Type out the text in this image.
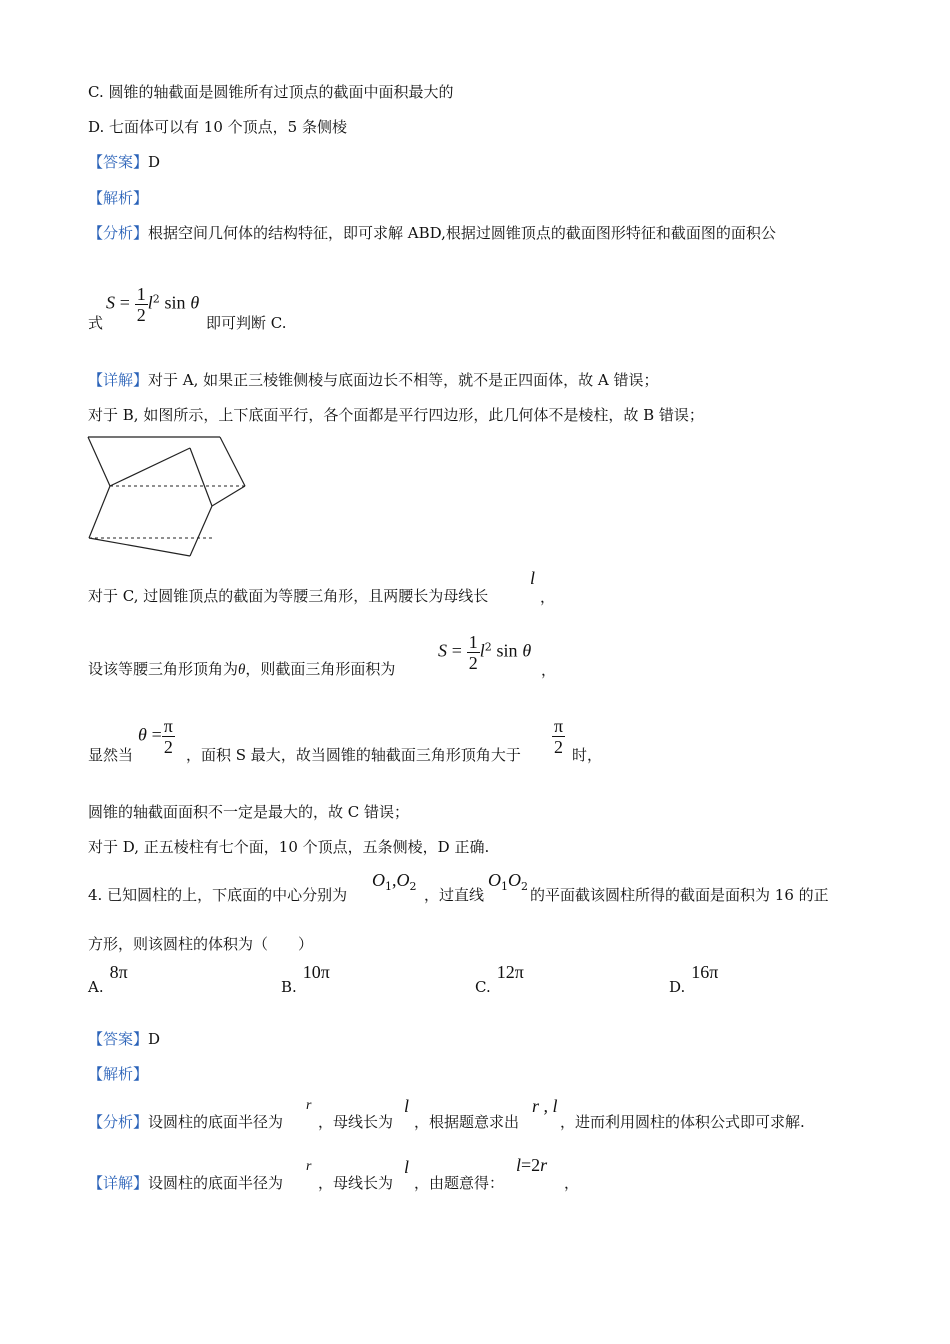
C. 圆锥的轴截面是圆锥所有过顶点的截面中面积最大的
D. 七面体可以有 10 个顶点，5 条侧棱
【答案】D
【解析】
【分析】根据空间几何体的结构特征，即可求解 ABD,根据过圆锥顶点的截面图形特征和截面图的面积公
式
$S = \frac{1}{2} l^2$ sin θ
即可判断 C.
【详解】对于 A, 如果正三棱锥侧棱与底面边长不相等，就不是正四面体，故 A 错误；
对于 B, 如图所示，上下底面平行，各个面都是平行四边形，此几何体不是棱柱，故 B 错误；
对于 C, 过圆锥顶点的截面为等腰三角形，且两腰长为母线长
l
，
设该等腰三角形顶角为θ，则截面三角形面积为
$S = \frac{1}{2} l^2$ sin θ
，
显然当
$\theta = \frac{\pi}{2}$ ，面积 S 最大，故当圆锥的轴截面三角形顶角大于 $\frac{\pi}{2}$ 时，
圆锥的轴截面面积不一定是最大的，故 C 错误；
对于 D, 正五棱柱有七个面，10 个顶点，五条侧棱，D 正确.
4. 已知圆柱的上，下底面的中心分别为
$O_1,O_2$ ，过直线
$O_1O_2$ 的平面截该圆柱所得的截面是面积为 16 的正
方形，则该圆柱的体积为（　　）
A.8π
B.10π
C.12π
D.16π
【答案】D
【解析】
【分析】设圆柱的底面半径为
r
，母线长为
l
，根据题意求出
r , l
，进而利用圆柱的体积公式即可求解.
【详解】设圆柱的底面半径为
r
，母线长为
l
，由题意得：
l=2r
，
